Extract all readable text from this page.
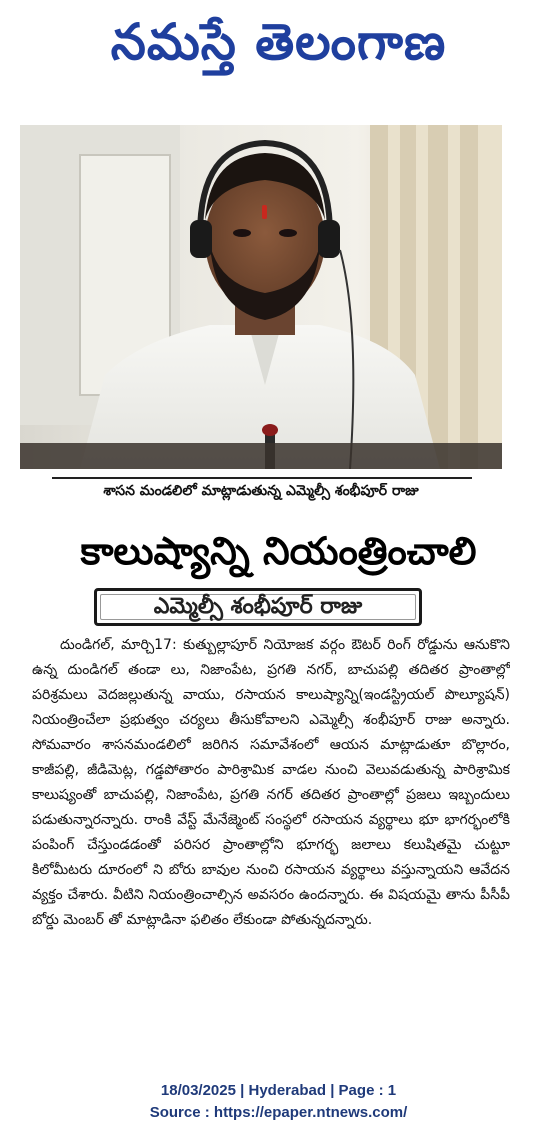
నమస్తే తెలంగాణ
శాసన మండలిలో మాట్లాడుతున్న ఎమ్మెల్సీ శంభీపూర్ రాజు
కాలుష్యాన్ని నియంత్రించాలి
ఎమ్మెల్సీ శంభీపూర్ రాజు
దుండిగల్, మార్చి17: కుత్బుల్లాపూర్ నియోజక వర్గం ఔటర్ రింగ్ రోడ్డును ఆనుకొని ఉన్న దుండిగల్ తండా లు, నిజాంపేట, ప్రగతి నగర్, బాచుపల్లి తదితర ప్రాంతాల్లో పరిశ్రమలు వెదజల్లుతున్న వాయు, రసాయన కాలుష్యాన్ని(ఇండస్ట్రియల్ పొల్యూషన్) నియంత్రించేలా ప్రభుత్వం చర్యలు తీసుకోవాలని ఎమ్మెల్సీ శంభీపూర్ రాజు అన్నారు. సోమవారం శాసనమండలిలో జరిగిన సమావేశంలో ఆయన మాట్లాడుతూ బొల్లారం, కాజీపల్లి, జీడిమెట్ల, గడ్డపోతారం పారిశ్రామిక వాడల నుంచి వెలువడుతున్న పారిశ్రామిక కాలుష్యంతో బాచుపల్లి, నిజాంపేట, ప్రగతి నగర్ తదితర ప్రాంతాల్లో ప్రజలు ఇబ్బందులు పడుతున్నారన్నారు. రాంకి వేస్ట్ మేనేజ్మెంట్ సంస్థలో రసాయన వ్యర్థాలు భూ భాగర్భంలోకి పంపింగ్ చేస్తుండడంతో పరిసర ప్రాంతాల్లోని భూగర్భ జలాలు కలుషితమై చుట్టూ కిలోమీటరు దూరంలో ని బోరు బావుల నుంచి రసాయన వ్యర్థాలు వస్తున్నాయని ఆవేదన వ్యక్తం చేశారు. వీటిని నియంత్రించాల్సిన అవసరం ఉందన్నారు. ఈ విషయమై తాను పీసీపీ బోర్డు మెంబర్ తో మాట్లాడినా ఫలితం లేకుండా పోతున్నదన్నారు.
18/03/2025 | Hyderabad | Page : 1
Source : https://epaper.ntnews.com/
